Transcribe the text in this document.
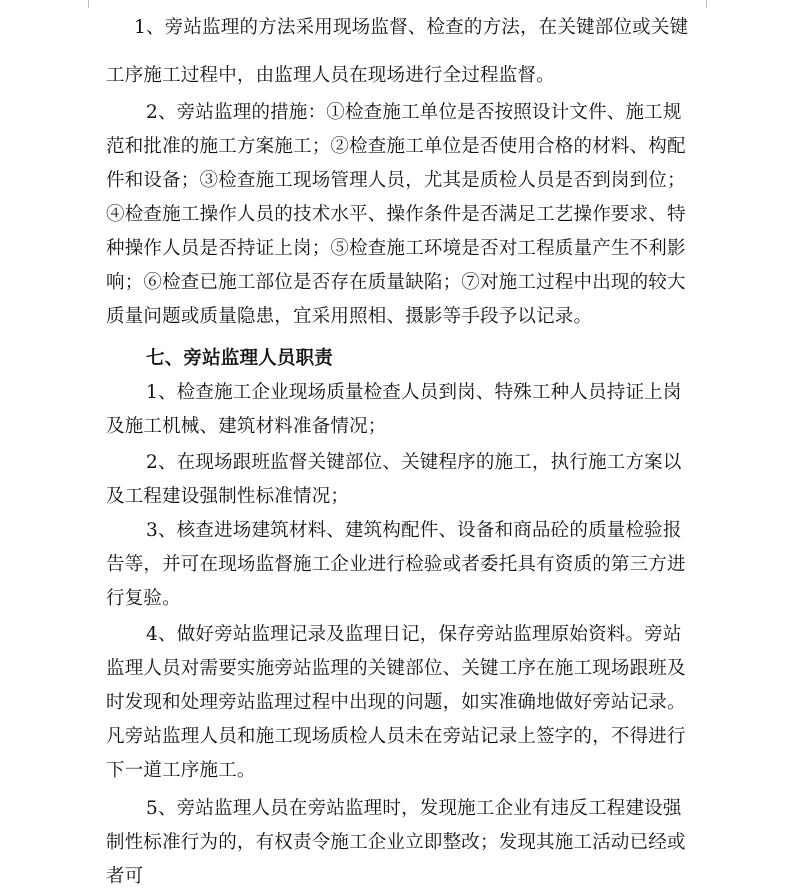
1、旁站监理的方法采用现场监督、检查的方法，在关键部位或关键工序施工过程中，由监理人员在现场进行全过程监督。
2、旁站监理的措施：①检查施工单位是否按照设计文件、施工规范和批准的施工方案施工；②检查施工单位是否使用合格的材料、构配件和设备；③检查施工现场管理人员，尤其是质检人员是否到岗到位；④检查施工操作人员的技术水平、操作条件是否满足工艺操作要求、特种操作人员是否持证上岗；⑤检查施工环境是否对工程质量产生不利影响；⑥检查已施工部位是否存在质量缺陷；⑦对施工过程中出现的较大质量问题或质量隐患，宜采用照相、摄影等手段予以记录。
七、旁站监理人员职责
1、检查施工企业现场质量检查人员到岗、特殊工种人员持证上岗及施工机械、建筑材料准备情况；
2、在现场跟班监督关键部位、关键程序的施工，执行施工方案以及工程建设强制性标准情况；
3、核查进场建筑材料、建筑构配件、设备和商品砼的质量检验报告等，并可在现场监督施工企业进行检验或者委托具有资质的第三方进行复验。
4、做好旁站监理记录及监理日记，保存旁站监理原始资料。旁站监理人员对需要实施旁站监理的关键部位、关键工序在施工现场跟班及时发现和处理旁站监理过程中出现的问题，如实准确地做好旁站记录。凡旁站监理人员和施工现场质检人员未在旁站记录上签字的，不得进行下一道工序施工。
5、旁站监理人员在旁站监理时，发现施工企业有违反工程建设强制性标准行为的，有权责令施工企业立即整改；发现其施工活动已经或者可
